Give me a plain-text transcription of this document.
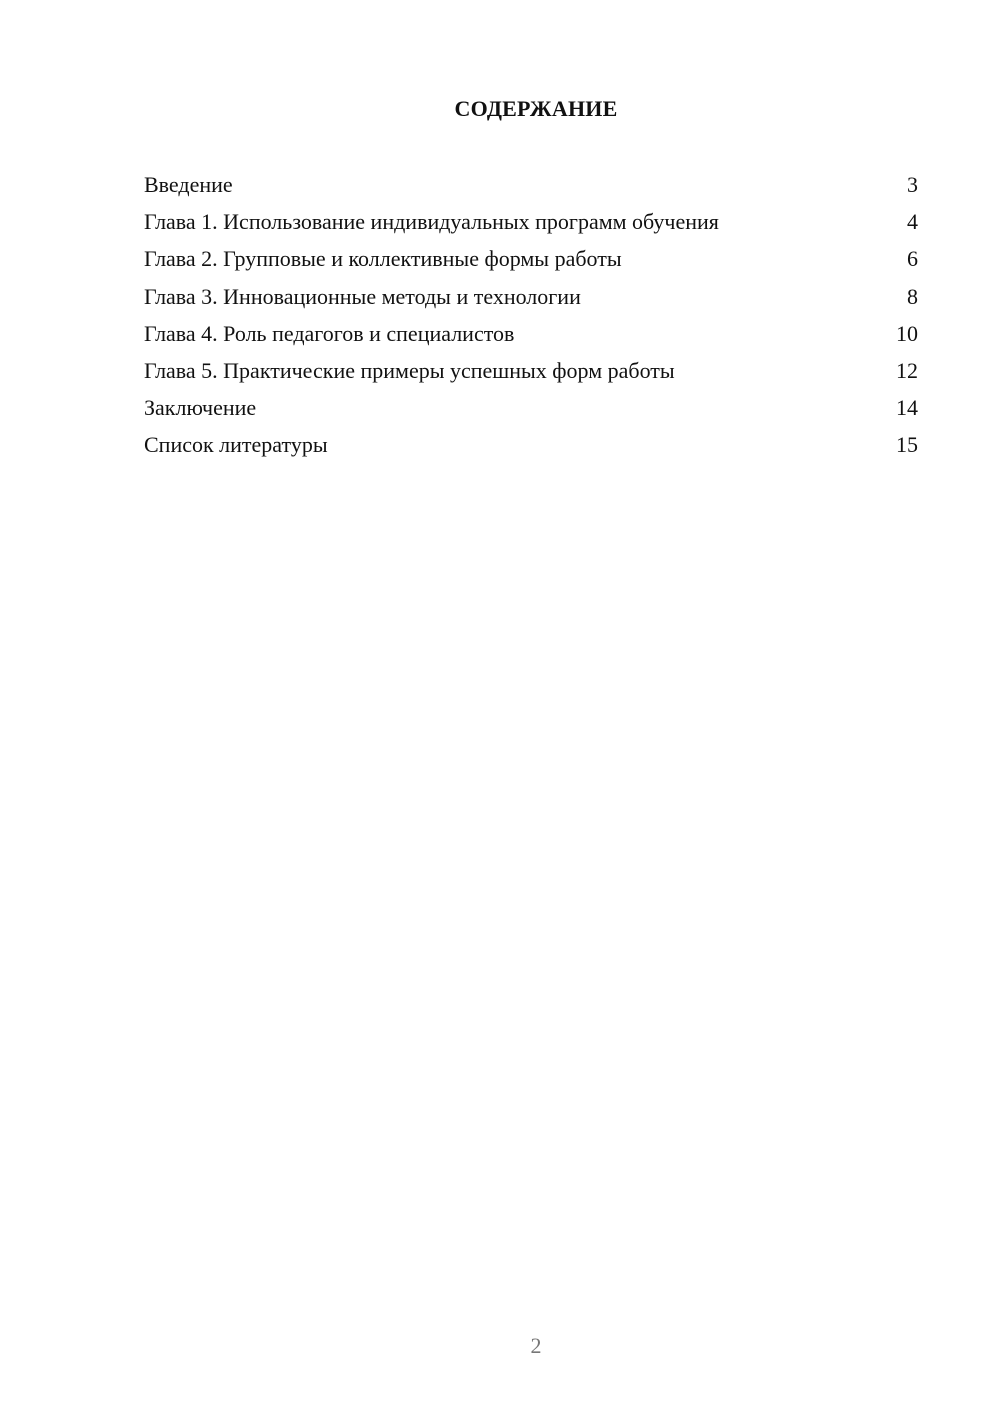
СОДЕРЖАНИЕ
Введение	3
Глава 1. Использование индивидуальных программ обучения	4
Глава 2. Групповые и коллективные формы работы	6
Глава 3. Инновационные методы и технологии	8
Глава 4. Роль педагогов и специалистов	10
Глава 5. Практические примеры успешных форм работы	12
Заключение	14
Список литературы	15
2
